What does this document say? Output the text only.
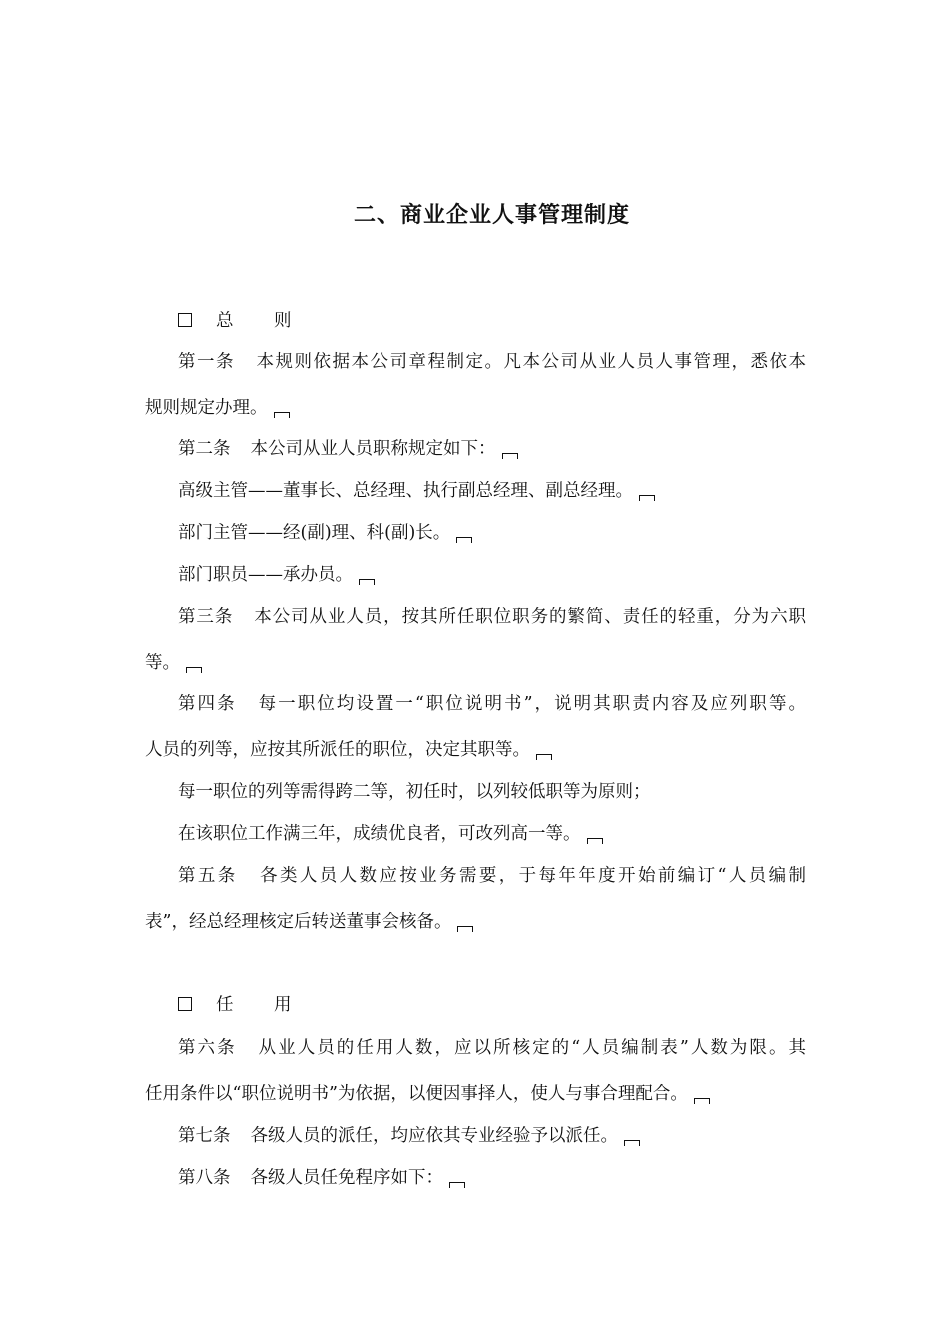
二、商业企业人事管理制度
总 则
第一条 本规则依据本公司章程制定。凡本公司从业人员人事管理，悉依本
规则规定办理。
第二条 本公司从业人员职称规定如下：
高级主管——董事长、总经理、执行副总经理、副总经理。
部门主管——经(副)理、科(副)长。
部门职员——承办员。
第三条 本公司从业人员，按其所任职位职务的繁简、责任的轻重，分为六职
等。
第四条 每一职位均设置一“职位说明书”，说明其职责内容及应列职等。
人员的列等，应按其所派任的职位，决定其职等。
每一职位的列等需得跨二等，初任时，以列较低职等为原则；
在该职位工作满三年，成绩优良者，可改列高一等。
第五条 各类人员人数应按业务需要，于每年年度开始前编订“人员编制
表”，经总经理核定后转送董事会核备。
任 用
第六条 从业人员的任用人数，应以所核定的“人员编制表”人数为限。其
任用条件以“职位说明书”为依据，以便因事择人，使人与事合理配合。
第七条 各级人员的派任，均应依其专业经验予以派任。
第八条 各级人员任免程序如下：
